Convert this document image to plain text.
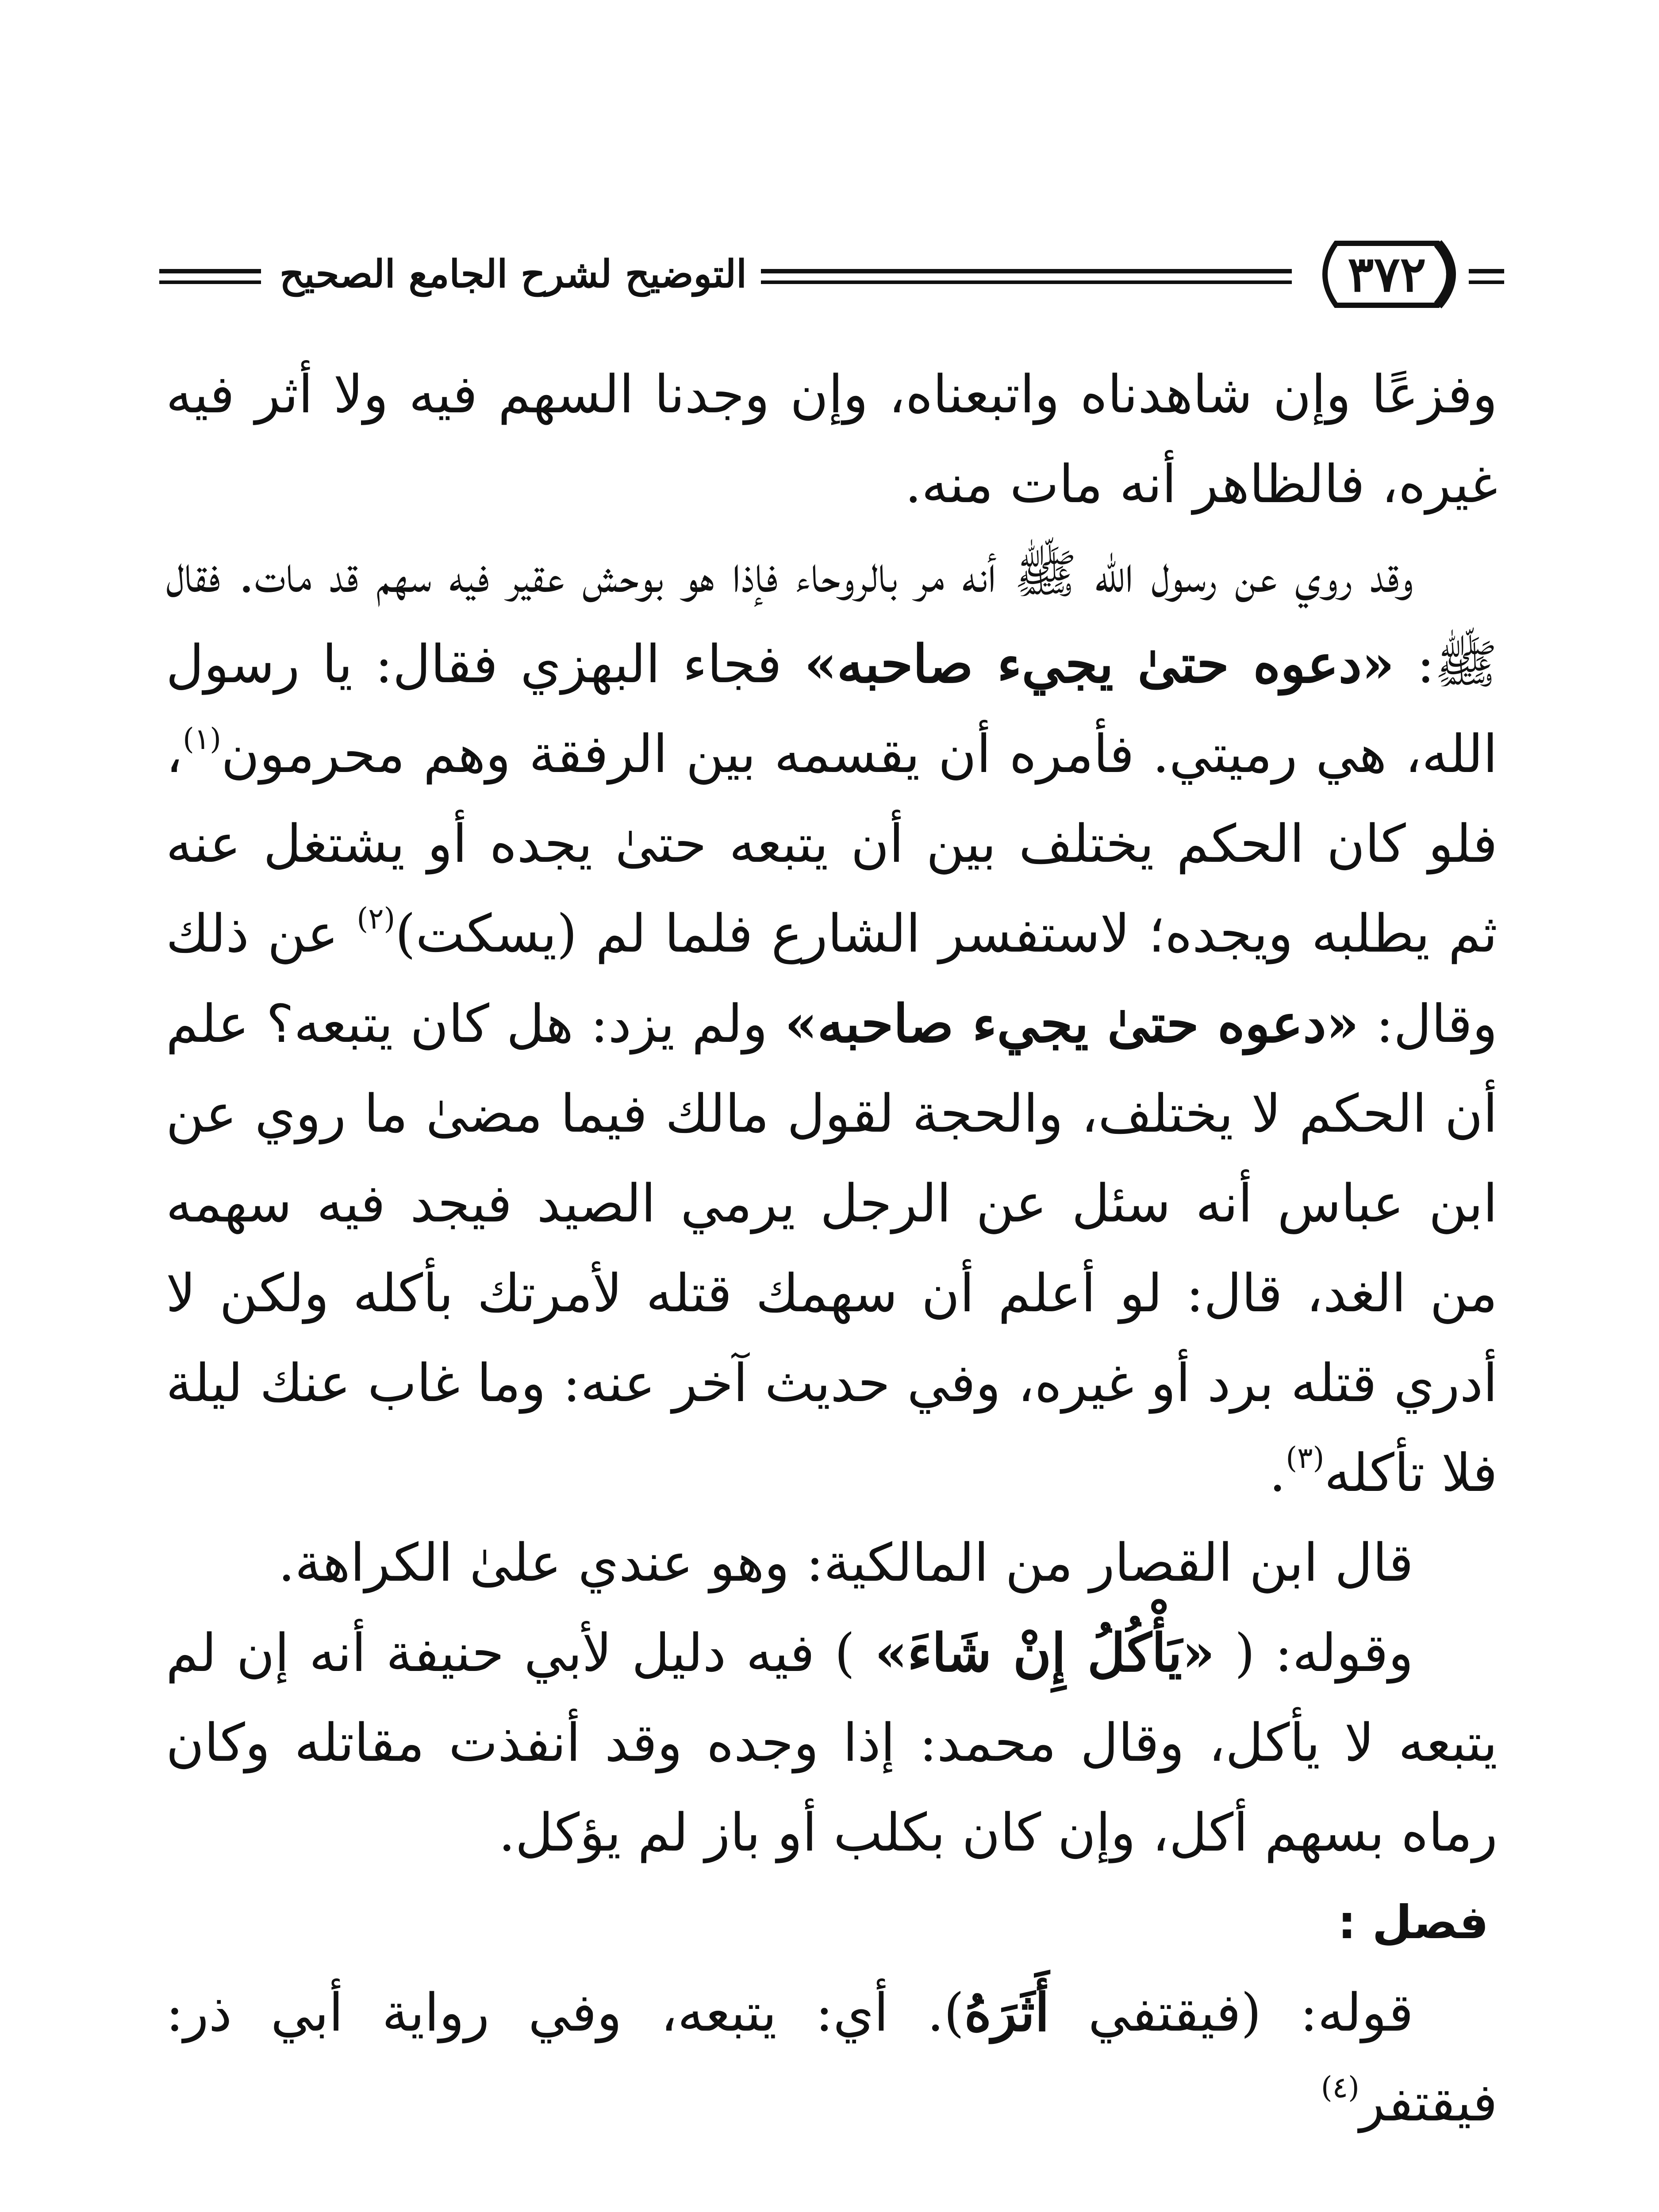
التوضيح لشرح الجامع الصحيح	٣٧٢

وفزعًا وإن شاهدناه واتبعناه، وإن وجدنا السهم فيه ولا أثر فيه غيره، فالظاهر أنه مات منه.

وقد روي عن رسول الله ﷺ أنه مر بالروحاء فإذا هو بوحش عقير فيه سهم قد مات. فقال ﷺ: «دعوه حتىٰ يجيء صاحبه» فجاء البهزي فقال: يا رسول الله، هي رميتي. فأمره أن يقسمه بين الرفقة وهم محرمون$^{(١)}$، فلو كان الحكم يختلف بين أن يتبعه حتىٰ يجده أو يشتغل عنه ثم يطلبه ويجده؛ لاستفسر الشارع فلما لم (يسكت)$^{(٢)}$ عن ذلك وقال: «دعوه حتىٰ يجيء صاحبه» ولم يزد: هل كان يتبعه؟ علم أن الحكم لا يختلف، والحجة لقول مالك فيما مضىٰ ما روي عن ابن عباس أنه سئل عن الرجل يرمي الصيد فيجد فيه سهمه من الغد، قال: لو أعلم أن سهمك قتله لأمرتك بأكله ولكن لا أدري قتله برد أو غيره، وفي حديث آخر عنه: وما غاب عنك ليلة فلا تأكله$^{(٣)}$.

قال ابن القصار من المالكية: وهو عندي علىٰ الكراهة.

وقوله: ( «يَأْكُلُ إِنْ شَاءَ» ) فيه دليل لأبي حنيفة أنه إن لم يتبعه لا يأكل، وقال محمد: إذا وجده وقد أنفذت مقاتله وكان رماه بسهم أكل، وإن كان بكلب أو باز لم يؤكل.

فصل :

قوله: (فيقتفي أَثَرَهُ). أي: يتبعه، وفي رواية أبي ذر: فيقتفر$^{(٤)}$
